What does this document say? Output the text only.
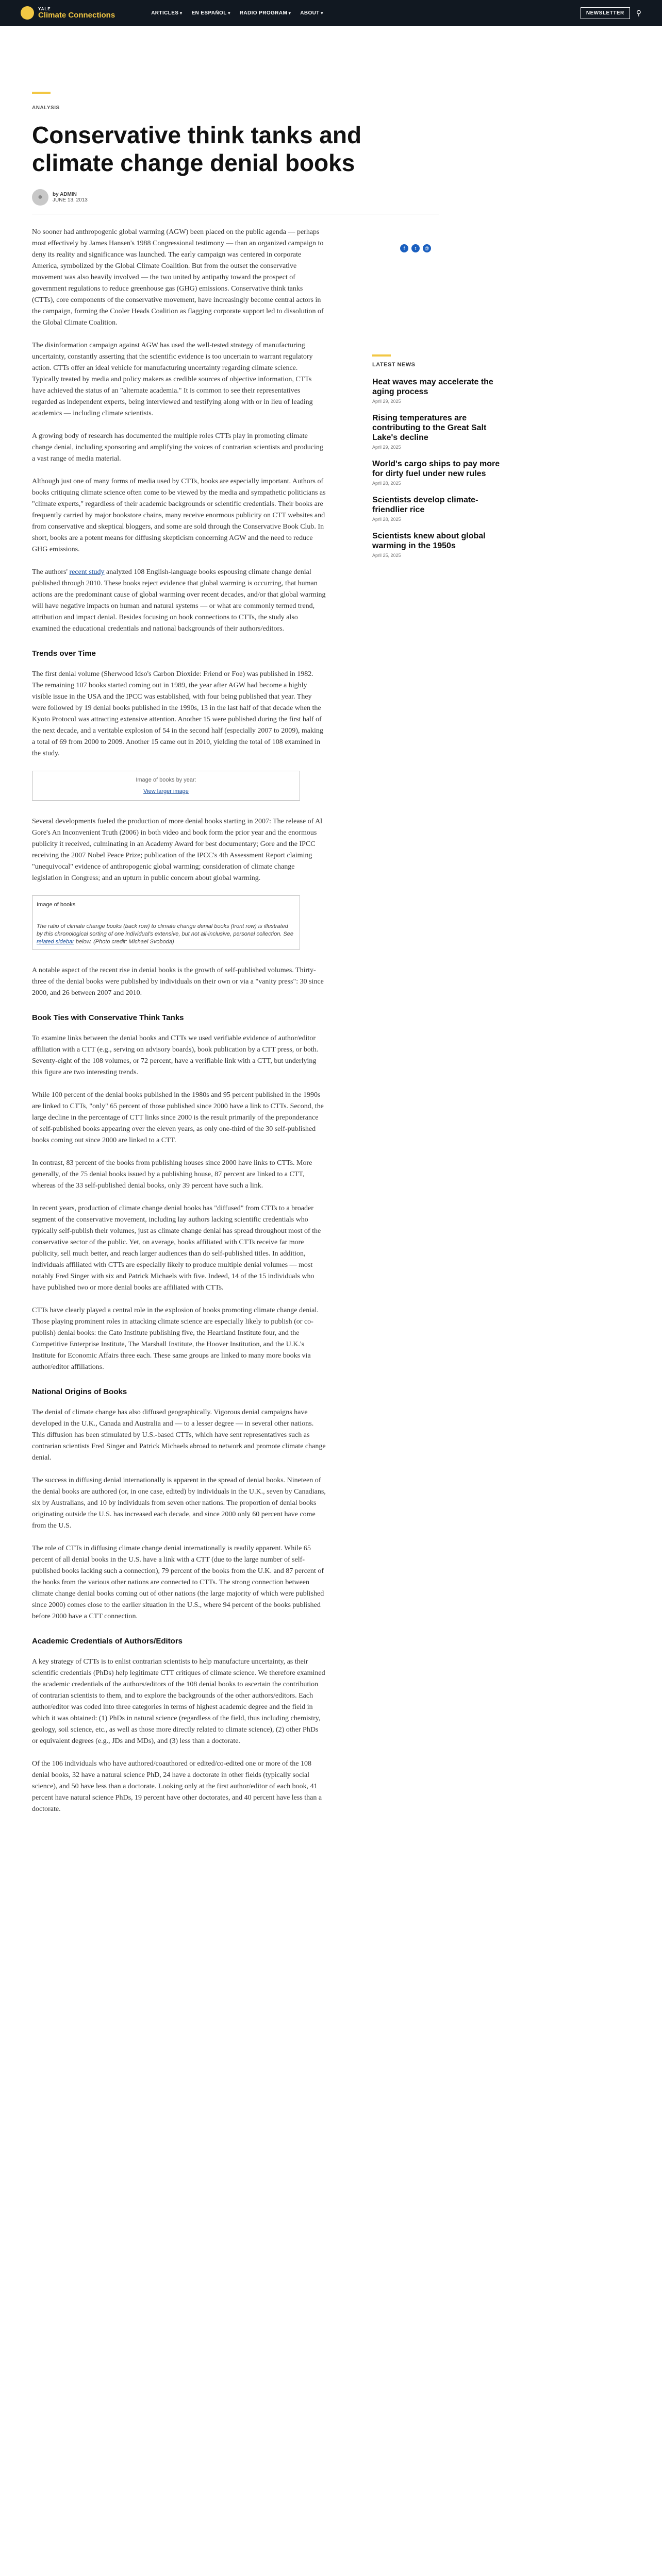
YALE
Climate Connections	ARTICLES ▾	EN ESPAÑOL ▾	RADIO PROGRAM ▾	ABOUT ▾	NEWSLETTER	⚲
ANALYSIS
Conservative think tanks and climate change denial books
●	by ADMIN
JUNE 13, 2013
f	t	@

No sooner had anthropogenic global warming (AGW) been placed on the public agenda — perhaps most effectively by James Hansen's 1988 Congressional testimony — than an organized campaign to deny its reality and significance was launched. The early campaign was centered in corporate America, symbolized by the Global Climate Coalition. But from the outset the conservative movement was also heavily involved — the two united by antipathy toward the prospect of government regulations to reduce greenhouse gas (GHG) emissions. Conservative think tanks (CTTs), core components of the conservative movement, have increasingly become central actors in the campaign, forming the Cooler Heads Coalition as flagging corporate support led to dissolution of the Global Climate Coalition.

The disinformation campaign against AGW has used the well-tested strategy of manufacturing uncertainty, constantly asserting that the scientific evidence is too uncertain to warrant regulatory action. CTTs offer an ideal vehicle for manufacturing uncertainty regarding climate science. Typically treated by media and policy makers as credible sources of objective information, CTTs have achieved the status of an "alternate academia." It is common to see their representatives regarded as independent experts, being interviewed and testifying along with or in lieu of leading academics — including climate scientists.

A growing body of research has documented the multiple roles CTTs play in promoting climate change denial, including sponsoring and amplifying the voices of contrarian scientists and producing a vast range of media material.

Although just one of many forms of media used by CTTs, books are especially important. Authors of books critiquing climate science often come to be viewed by the media and sympathetic politicians as "climate experts," regardless of their academic backgrounds or scientific credentials. Their books are frequently carried by major bookstore chains, many receive enormous publicity on CTT websites and from conservative and skeptical bloggers, and some are sold through the Conservative Book Club. In short, books are a potent means for diffusing skepticism concerning AGW and the need to reduce GHG emissions.

The authors' recent study analyzed 108 English-language books espousing climate change denial published through 2010. These books reject evidence that global warming is occurring, that human actions are the predominant cause of global warming over recent decades, and/or that global warming will have negative impacts on human and natural systems — or what are commonly termed trend, attribution and impact denial. Besides focusing on book connections to CTTs, the study also examined the educational credentials and national backgrounds of their authors/editors.

Trends over Time

The first denial volume (Sherwood Idso's Carbon Dioxide: Friend or Foe) was published in 1982. The remaining 107 books started coming out in 1989, the year after AGW had become a highly visible issue in the USA and the IPCC was established, with four being published that year. They were followed by 19 denial books published in the 1990s, 13 in the last half of that decade when the Kyoto Protocol was attracting extensive attention. Another 15 were published during the first half of the next decade, and a veritable explosion of 54 in the second half (especially 2007 to 2009), making a total of 69 from 2000 to 2009. Another 15 came out in 2010, yielding the total of 108 examined in the study.

Image of books by year:
View larger image

Several developments fueled the production of more denial books starting in 2007: The release of Al Gore's An Inconvenient Truth (2006) in both video and book form the prior year and the enormous publicity it received, culminating in an Academy Award for best documentary; Gore and the IPCC receiving the 2007 Nobel Peace Prize; publication of the IPCC's 4th Assessment Report claiming "unequivocal" evidence of anthropogenic global warming; consideration of climate change legislation in Congress; and an upturn in public concern about global warming.

Image of books
The ratio of climate change books (back row) to climate change denial books (front row) is illustrated by this chronological sorting of one individual's extensive, but not all-inclusive, personal collection. See related sidebar below. (Photo credit: Michael Svoboda)

A notable aspect of the recent rise in denial books is the growth of self-published volumes. Thirty-three of the denial books were published by individuals on their own or via a "vanity press": 30 since 2000, and 26 between 2007 and 2010.

Book Ties with Conservative Think Tanks

To examine links between the denial books and CTTs we used verifiable evidence of author/editor affiliation with a CTT (e.g., serving on advisory boards), book publication by a CTT press, or both. Seventy-eight of the 108 volumes, or 72 percent, have a verifiable link with a CTT, but underlying this figure are two interesting trends.

While 100 percent of the denial books published in the 1980s and 95 percent published in the 1990s are linked to CTTs, "only" 65 percent of those published since 2000 have a link to CTTs. Second, the large decline in the percentage of CTT links since 2000 is the result primarily of the preponderance of self-published books appearing over the eleven years, as only one-third of the 30 self-published books coming out since 2000 are linked to a CTT.

In contrast, 83 percent of the books from publishing houses since 2000 have links to CTTs. More generally, of the 75 denial books issued by a publishing house, 87 percent are linked to a CTT, whereas of the 33 self-published denial books, only 39 percent have such a link.

In recent years, production of climate change denial books has "diffused" from CTTs to a broader segment of the conservative movement, including lay authors lacking scientific credentials who typically self-publish their volumes, just as climate change denial has spread throughout most of the conservative sector of the public. Yet, on average, books affiliated with CTTs receive far more publicity, sell much better, and reach larger audiences than do self-published titles. In addition, individuals affiliated with CTTs are especially likely to produce multiple denial volumes — most notably Fred Singer with six and Patrick Michaels with five. Indeed, 14 of the 15 individuals who have published two or more denial books are affiliated with CTTs.

CTTs have clearly played a central role in the explosion of books promoting climate change denial. Those playing prominent roles in attacking climate science are especially likely to publish (or co-publish) denial books: the Cato Institute publishing five, the Heartland Institute four, and the Competitive Enterprise Institute, The Marshall Institute, the Hoover Institution, and the U.K.'s Institute for Economic Affairs three each. These same groups are linked to many more books via author/editor affiliations.

National Origins of Books

The denial of climate change has also diffused geographically. Vigorous denial campaigns have developed in the U.K., Canada and Australia and — to a lesser degree — in several other nations. This diffusion has been stimulated by U.S.-based CTTs, which have sent representatives such as contrarian scientists Fred Singer and Patrick Michaels abroad to network and promote climate change denial.

The success in diffusing denial internationally is apparent in the spread of denial books. Nineteen of the denial books are authored (or, in one case, edited) by individuals in the U.K., seven by Canadians, six by Australians, and 10 by individuals from seven other nations. The proportion of denial books originating outside the U.S. has increased each decade, and since 2000 only 60 percent have come from the U.S.

The role of CTTs in diffusing climate change denial internationally is readily apparent. While 65 percent of all denial books in the U.S. have a link with a CTT (due to the large number of self-published books lacking such a connection), 79 percent of the books from the U.K. and 87 percent of the books from the various other nations are connected to CTTs. The strong connection between climate change denial books coming out of other nations (the large majority of which were published since 2000) comes close to the earlier situation in the U.S., where 94 percent of the books published before 2000 have a CTT connection.

Academic Credentials of Authors/Editors

A key strategy of CTTs is to enlist contrarian scientists to help manufacture uncertainty, as their scientific credentials (PhDs) help legitimate CTT critiques of climate science. We therefore examined the academic credentials of the authors/editors of the 108 denial books to ascertain the contribution of contrarian scientists to them, and to explore the backgrounds of the other authors/editors. Each author/editor was coded into three categories in terms of highest academic degree and the field in which it was obtained: (1) PhDs in natural science (regardless of the field, thus including chemistry, geology, soil science, etc., as well as those more directly related to climate science), (2) other PhDs or equivalent degrees (e.g., JDs and MDs), and (3) less than a doctorate.

Of the 106 individuals who have authored/coauthored or edited/co-edited one or more of the 108 denial books, 32 have a natural science PhD, 24 have a doctorate in other fields (typically social science), and 50 have less than a doctorate. Looking only at the first author/editor of each book, 41 percent have natural science PhDs, 19 percent have other doctorates, and 40 percent have less than a doctorate.

LATEST NEWS
Heat waves may accelerate the aging process
April 29, 2025
Rising temperatures are contributing to the Great Salt Lake's decline
April 29, 2025
World's cargo ships to pay more for dirty fuel under new rules
April 28, 2025
Scientists develop climate-friendlier rice
April 28, 2025
Scientists knew about global warming in the 1950s
April 25, 2025
